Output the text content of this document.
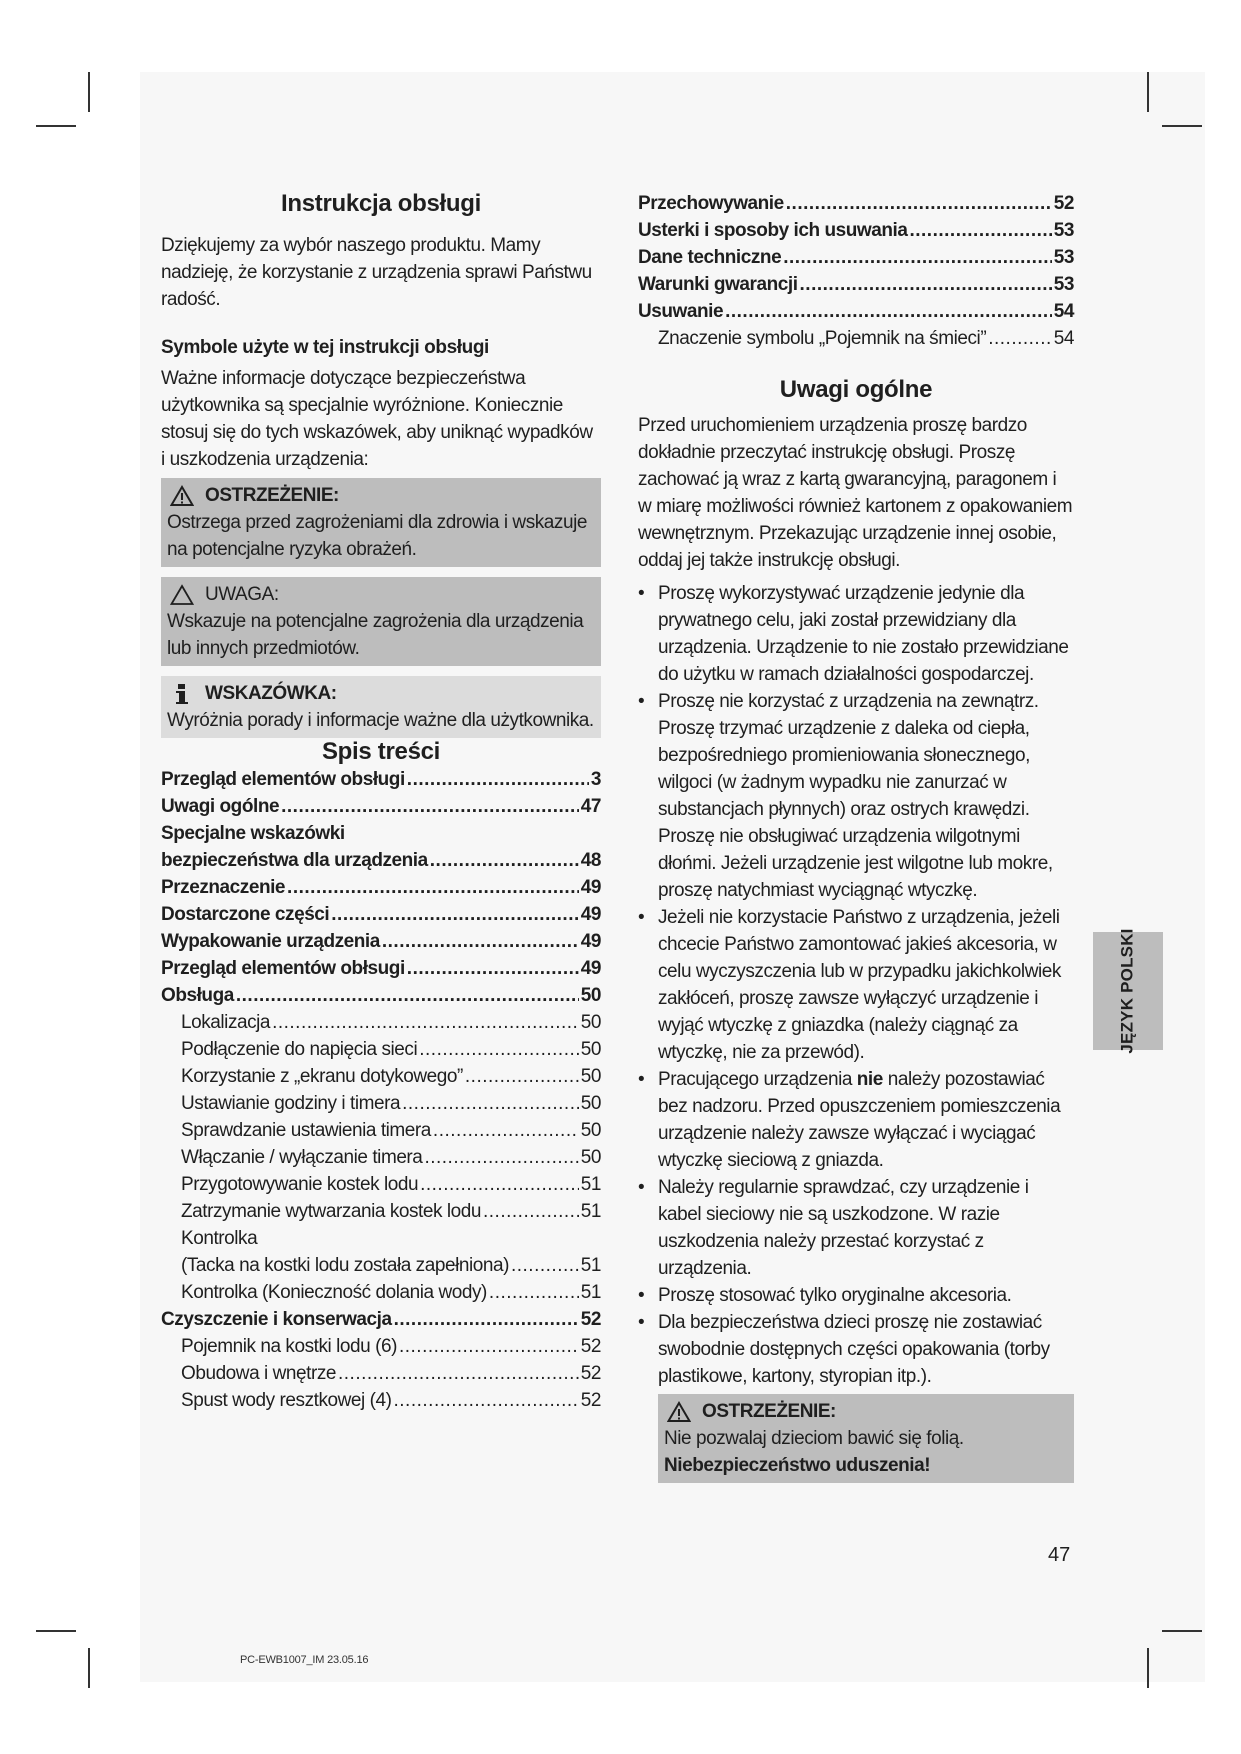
Instrukcja obsługi

Dziękujemy za wybór naszego produktu. Mamy nadzieję, że korzystanie z urządzenia sprawi Państwu radość.

Symbole użyte w tej instrukcji obsługi

Ważne informacje dotyczące bezpieczeństwa użytkownika są specjalnie wyróżnione. Koniecznie stosuj się do tych wskazówek, aby uniknąć wypadków i uszkodzenia urządzenia:

OSTRZEŻENIE:
Ostrzega przed zagrożeniami dla zdrowia i wskazuje na potencjalne ryzyka obrażeń.
UWAGA:
Wskazuje na potencjalne zagrożenia dla urządzenia lub innych przedmiotów.
WSKAZÓWKA:
Wyróżnia porady i informacje ważne dla użytkownika.
Spis treści
Przegląd elementów obsługi .....	3
Uwagi ogólne .....	47
Specjalne wskazówki
bezpieczeństwa dla urządzenia .....	48
Przeznaczenie .....	49
Dostarczone części .....	49
Wypakowanie urządzenia .....	49
Przegląd elementów obłsugi .....	49
Obsługa .....	50
Lokalizacja .....	50
Podłączenie do napięcia sieci .....	50
Korzystanie z „ekranu dotykowego” .....	50
Ustawianie godziny i timera .....	50
Sprawdzanie ustawienia timera .....	50
Włączanie / wyłączanie timera .....	50
Przygotowywanie kostek lodu .....	51
Zatrzymanie wytwarzania kostek lodu .....	51
Kontrolka
(Tacka na kostki lodu została zapełniona) .....	51
Kontrolka (Konieczność dolania wody) .....	51
Czyszczenie i konserwacja .....	52
Pojemnik na kostki lodu (6) .....	52
Obudowa i wnętrze .....	52
Spust wody resztkowej (4) .....	52
Przechowywanie .....	52
Usterki i sposoby ich usuwania .....	53
Dane techniczne .....	53
Warunki gwarancji .....	53
Usuwanie .....	54
Znaczenie symbolu „Pojemnik na śmieci” .....	54
Uwagi ogólne

Przed uruchomieniem urządzenia proszę bardzo dokładnie przeczytać instrukcję obsługi. Proszę zachować ją wraz z kartą gwarancyjną, paragonem i w miarę możliwości również kartonem z opakowaniem wewnętrznym. Przekazując urządzenie innej osobie, oddaj jej także instrukcję obsługi.

• Proszę wykorzystywać urządzenie jedynie dla prywatnego celu, jaki został przewidziany dla urządzenia. Urządzenie to nie zostało przewidziane do użytku w ramach działalności gospodarczej.
• Proszę nie korzystać z urządzenia na zewnątrz. Proszę trzymać urządzenie z daleka od ciepła, bezpośredniego promieniowania słonecznego, wilgoci (w żadnym wypadku nie zanurzać w substancjach płynnych) oraz ostrych krawędzi. Proszę nie obsługiwać urządzenia wilgotnymi dłońmi. Jeżeli urządzenie jest wilgotne lub mokre, proszę natychmiast wyciągnąć wtyczkę.
• Jeżeli nie korzystacie Państwo z urządzenia, jeżeli chcecie Państwo zamontować jakieś akcesoria, w celu wyczyszczenia lub w przypadku jakichkolwiek zakłóceń, proszę zawsze wyłączyć urządzenie i wyjąć wtyczkę z gniazdka (należy ciągnąć za wtyczkę, nie za przewód).
• Pracującego urządzenia nie należy pozostawiać bez nadzoru. Przed opuszczeniem pomieszczenia urządzenie należy zawsze wyłączać i wyciągać wtyczkę sieciową z gniazda.
• Należy regularnie sprawdzać, czy urządzenie i kabel sieciowy nie są uszkodzone. W razie uszkodzenia należy przestać korzystać z urządzenia.
• Proszę stosować tylko oryginalne akcesoria.
• Dla bezpieczeństwa dzieci proszę nie zostawiać swobodnie dostępnych części opakowania (torby plastikowe, kartony, styropian itp.).
OSTRZEŻENIE:
Nie pozwalaj dzieciom bawić się folią. Niebezpieczeństwo uduszenia!
JĘZYK POLSKI
47
PC-EWB1007_IM 23.05.16
